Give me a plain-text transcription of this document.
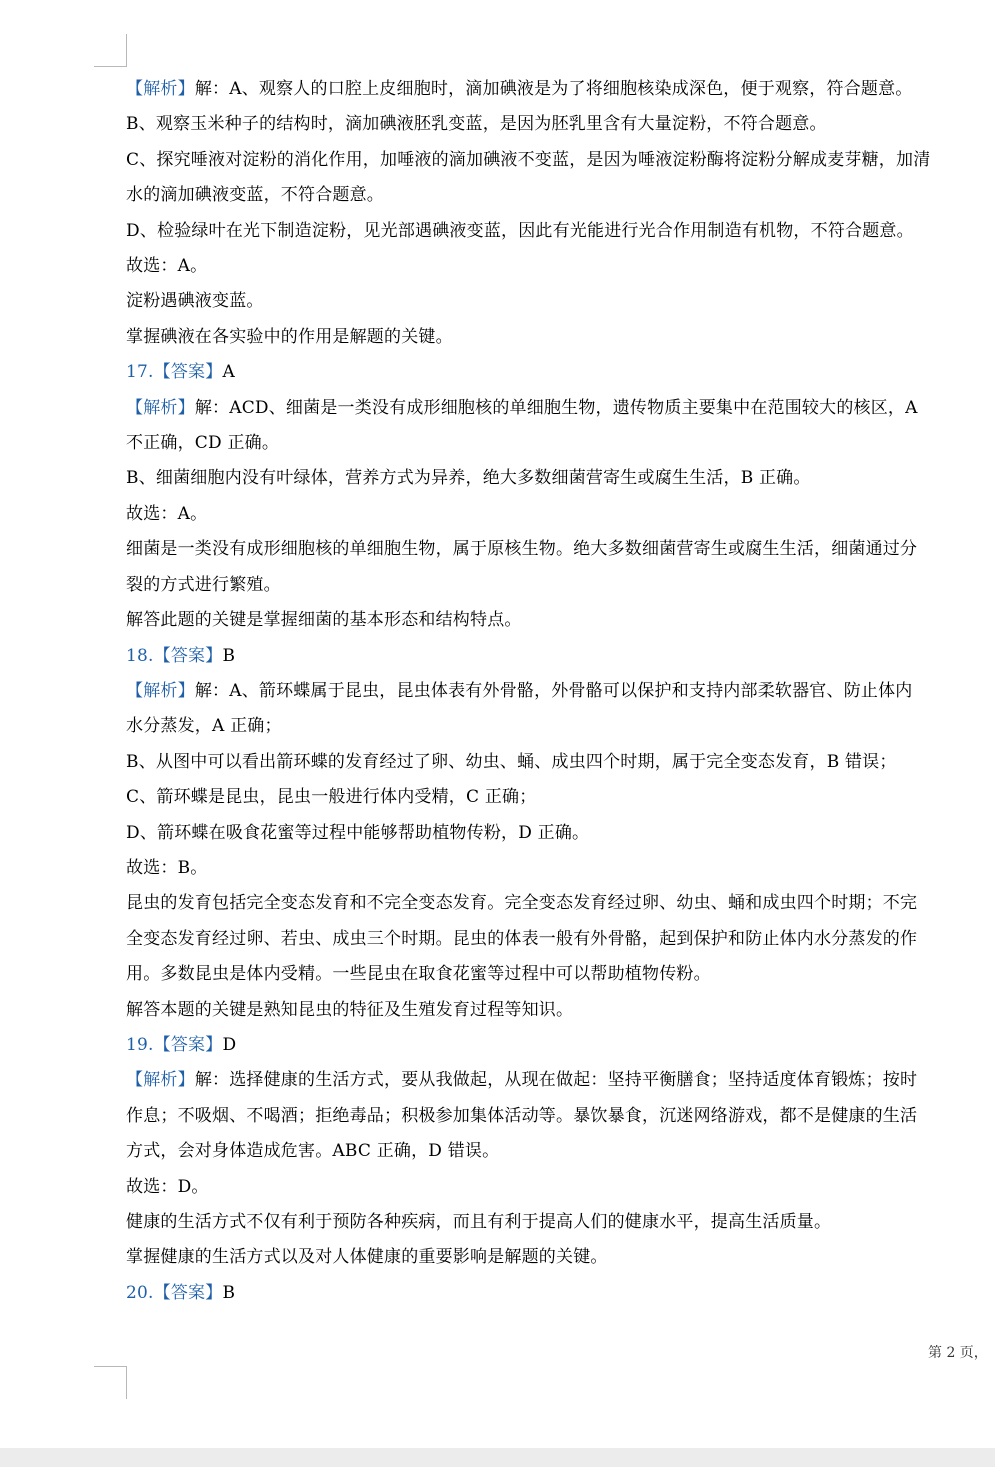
【解析】解：A、观察人的口腔上皮细胞时，滴加碘液是为了将细胞核染成深色，便于观察，符合题意。
B、观察玉米种子的结构时，滴加碘液胚乳变蓝，是因为胚乳里含有大量淀粉，不符合题意。
C、探究唾液对淀粉的消化作用，加唾液的滴加碘液不变蓝，是因为唾液淀粉酶将淀粉分解成麦芽糖，加清
水的滴加碘液变蓝，不符合题意。
D、检验绿叶在光下制造淀粉，见光部遇碘液变蓝，因此有光能进行光合作用制造有机物，不符合题意。
故选：A。
淀粉遇碘液变蓝。
掌握碘液在各实验中的作用是解题的关键。
17.【答案】A
【解析】解：ACD、细菌是一类没有成形细胞核的单细胞生物，遗传物质主要集中在范围较大的核区，A
不正确，CD 正确。
B、细菌细胞内没有叶绿体，营养方式为异养，绝大多数细菌营寄生或腐生生活，B 正确。
故选：A。
细菌是一类没有成形细胞核的单细胞生物，属于原核生物。绝大多数细菌营寄生或腐生生活，细菌通过分
裂的方式进行繁殖。
解答此题的关键是掌握细菌的基本形态和结构特点。
18.【答案】B
【解析】解：A、箭环蝶属于昆虫，昆虫体表有外骨骼，外骨骼可以保护和支持内部柔软器官、防止体内
水分蒸发，A 正确；
B、从图中可以看出箭环蝶的发育经过了卵、幼虫、蛹、成虫四个时期，属于完全变态发育，B 错误；
C、箭环蝶是昆虫，昆虫一般进行体内受精，C 正确；
D、箭环蝶在吸食花蜜等过程中能够帮助植物传粉，D 正确。
故选：B。
昆虫的发育包括完全变态发育和不完全变态发育。完全变态发育经过卵、幼虫、蛹和成虫四个时期；不完
全变态发育经过卵、若虫、成虫三个时期。昆虫的体表一般有外骨骼，起到保护和防止体内水分蒸发的作
用。多数昆虫是体内受精。一些昆虫在取食花蜜等过程中可以帮助植物传粉。
解答本题的关键是熟知昆虫的特征及生殖发育过程等知识。
19.【答案】D
【解析】解：选择健康的生活方式，要从我做起，从现在做起：坚持平衡膳食；坚持适度体育锻炼；按时
作息；不吸烟、不喝酒；拒绝毒品；积极参加集体活动等。暴饮暴食，沉迷网络游戏，都不是健康的生活
方式，会对身体造成危害。ABC 正确，D 错误。
故选：D。
健康的生活方式不仅有利于预防各种疾病，而且有利于提高人们的健康水平，提高生活质量。
掌握健康的生活方式以及对人体健康的重要影响是解题的关键。
20.【答案】B
第 2 页，
